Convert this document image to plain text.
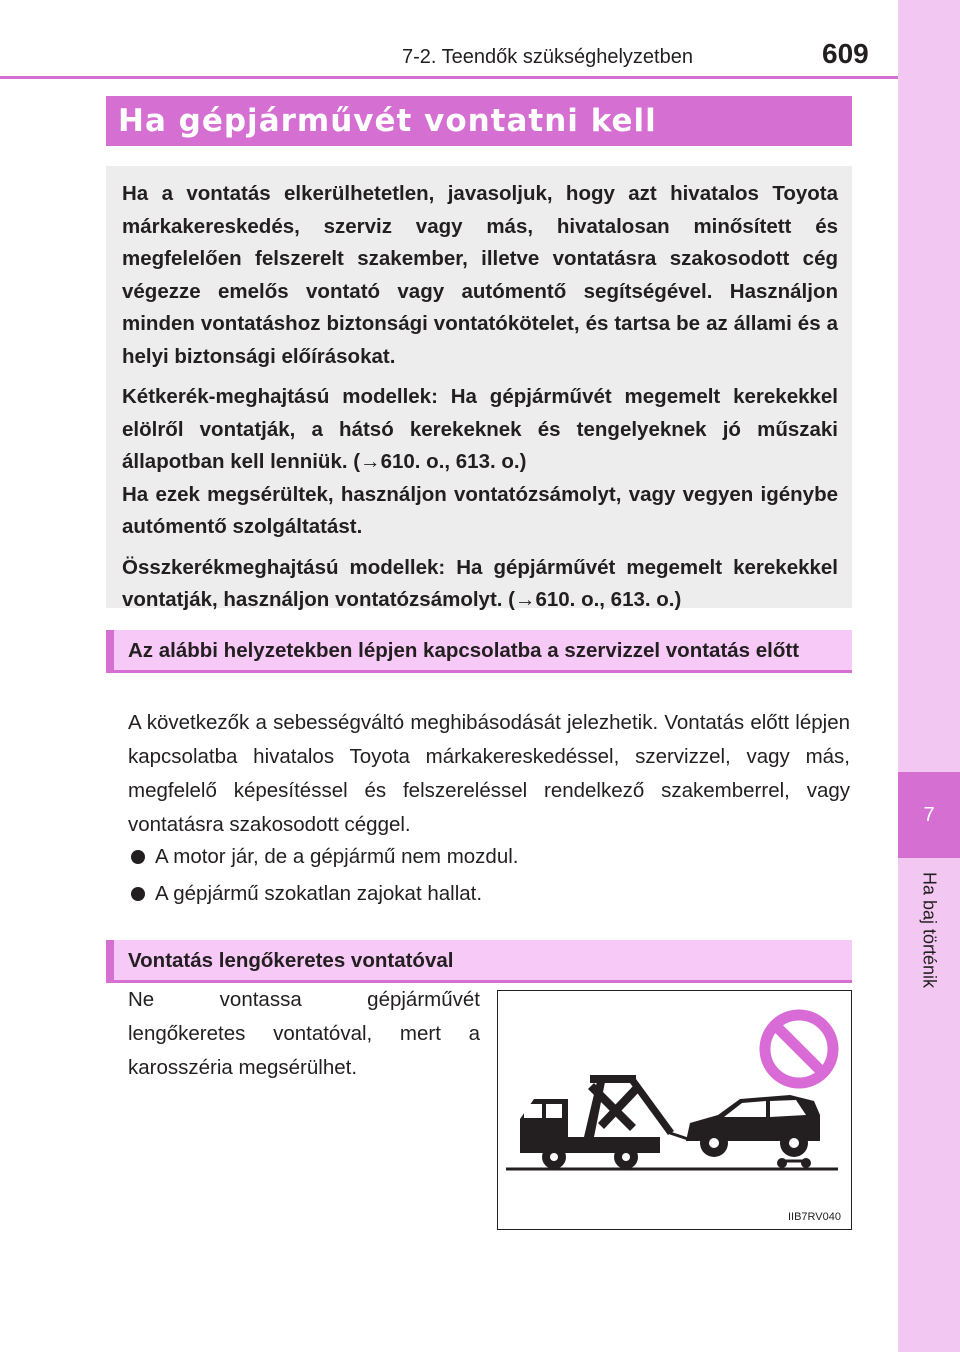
7
Ha baj történik
7-2. Teendők szükséghelyzetben	609
Ha gépjárművét vontatni kell

Ha a vontatás elkerülhetetlen, javasoljuk, hogy azt hivatalos Toyota márkakereskedés, szerviz vagy más, hivatalosan minősített és megfelelően felszerelt szakember, illetve vontatásra szakosodott cég végezze emelős vontató vagy autómentő segítségével. Használjon minden vontatáshoz biztonsági vontatókötelet, és tartsa be az állami és a helyi biztonsági előírásokat.

Kétkerék-meghajtású modellek: Ha gépjárművét megemelt kerekekkel elölről vontatják, a hátsó kerekeknek és tengelyeknek jó műszaki állapotban kell lenniük. (→610. o., 613. o.)

Ha ezek megsérültek, használjon vontatózsámolyt, vagy vegyen igénybe autómentő szolgáltatást.

Összkerékmeghajtású modellek: Ha gépjárművét megemelt kerekekkel vontatják, használjon vontatózsámolyt. (→610. o., 613. o.)

Az alábbi helyzetekben lépjen kapcsolatba a szervizzel vontatás előtt
A következők a sebességváltó meghibásodását jelezhetik. Vontatás előtt lépjen kapcsolatba hivatalos Toyota márkakereskedéssel, szervizzel, vagy más, megfelelő képesítéssel és felszereléssel rendelkező szakemberrel, vagy vontatásra szakosodott céggel.
A motor jár, de a gépjármű nem mozdul.
A gépjármű szokatlan zajokat hallat.
Vontatás lengőkeretes vontatóval
Ne vontassa gépjárművét lengőkeretes vontatóval, mert a karosszéria megsérülhet.
IIB7RV040
